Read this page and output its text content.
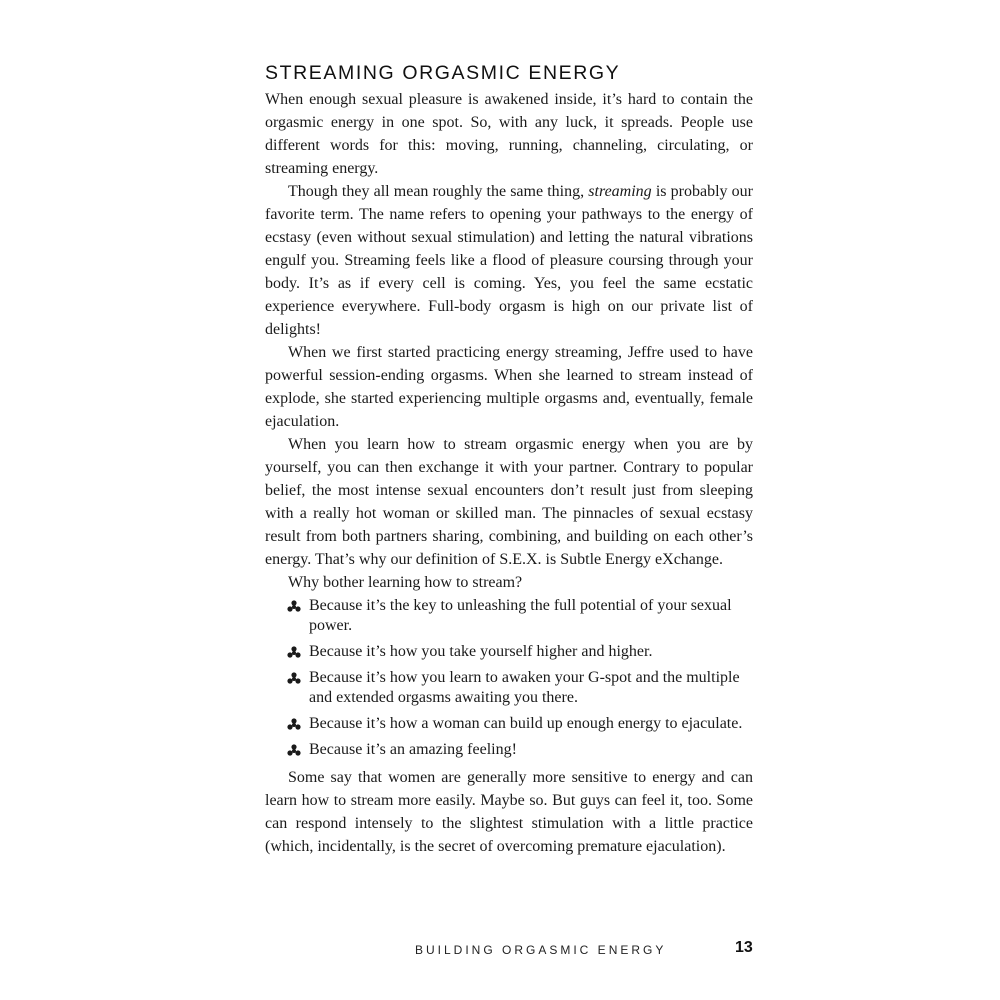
STREAMING ORGASMIC ENERGY

When enough sexual pleasure is awakened inside, it’s hard to contain the orgasmic energy in one spot. So, with any luck, it spreads. People use different words for this: moving, running, channeling, circulating, or streaming energy.

Though they all mean roughly the same thing, streaming is probably our favorite term. The name refers to opening your pathways to the energy of ecstasy (even without sexual stimulation) and letting the natural vibrations engulf you. Streaming feels like a flood of pleasure coursing through your body. It’s as if every cell is coming. Yes, you feel the same ecstatic experience everywhere. Full-body orgasm is high on our private list of delights!

When we first started practicing energy streaming, Jeffre used to have powerful session-ending orgasms. When she learned to stream instead of explode, she started experiencing multiple orgasms and, eventually, female ejaculation.

When you learn how to stream orgasmic energy when you are by yourself, you can then exchange it with your partner. Contrary to popular belief, the most intense sexual encounters don’t result just from sleeping with a really hot woman or skilled man. The pinnacles of sexual ecstasy result from both partners sharing, combining, and building on each other’s energy. That’s why our definition of S.E.X. is Subtle Energy eXchange.

Why bother learning how to stream?

Because it’s the key to unleashing the full potential of your sexual power.
Because it’s how you take yourself higher and higher.
Because it’s how you learn to awaken your G-spot and the multiple and extended orgasms awaiting you there.
Because it’s how a woman can build up enough energy to ejaculate.
Because it’s an amazing feeling!

Some say that women are generally more sensitive to energy and can learn how to stream more easily. Maybe so. But guys can feel it, too. Some can respond intensely to the slightest stimulation with a little practice (which, incidentally, is the secret of overcoming premature ejaculation).

BUILDING ORGASMIC ENERGY	13
